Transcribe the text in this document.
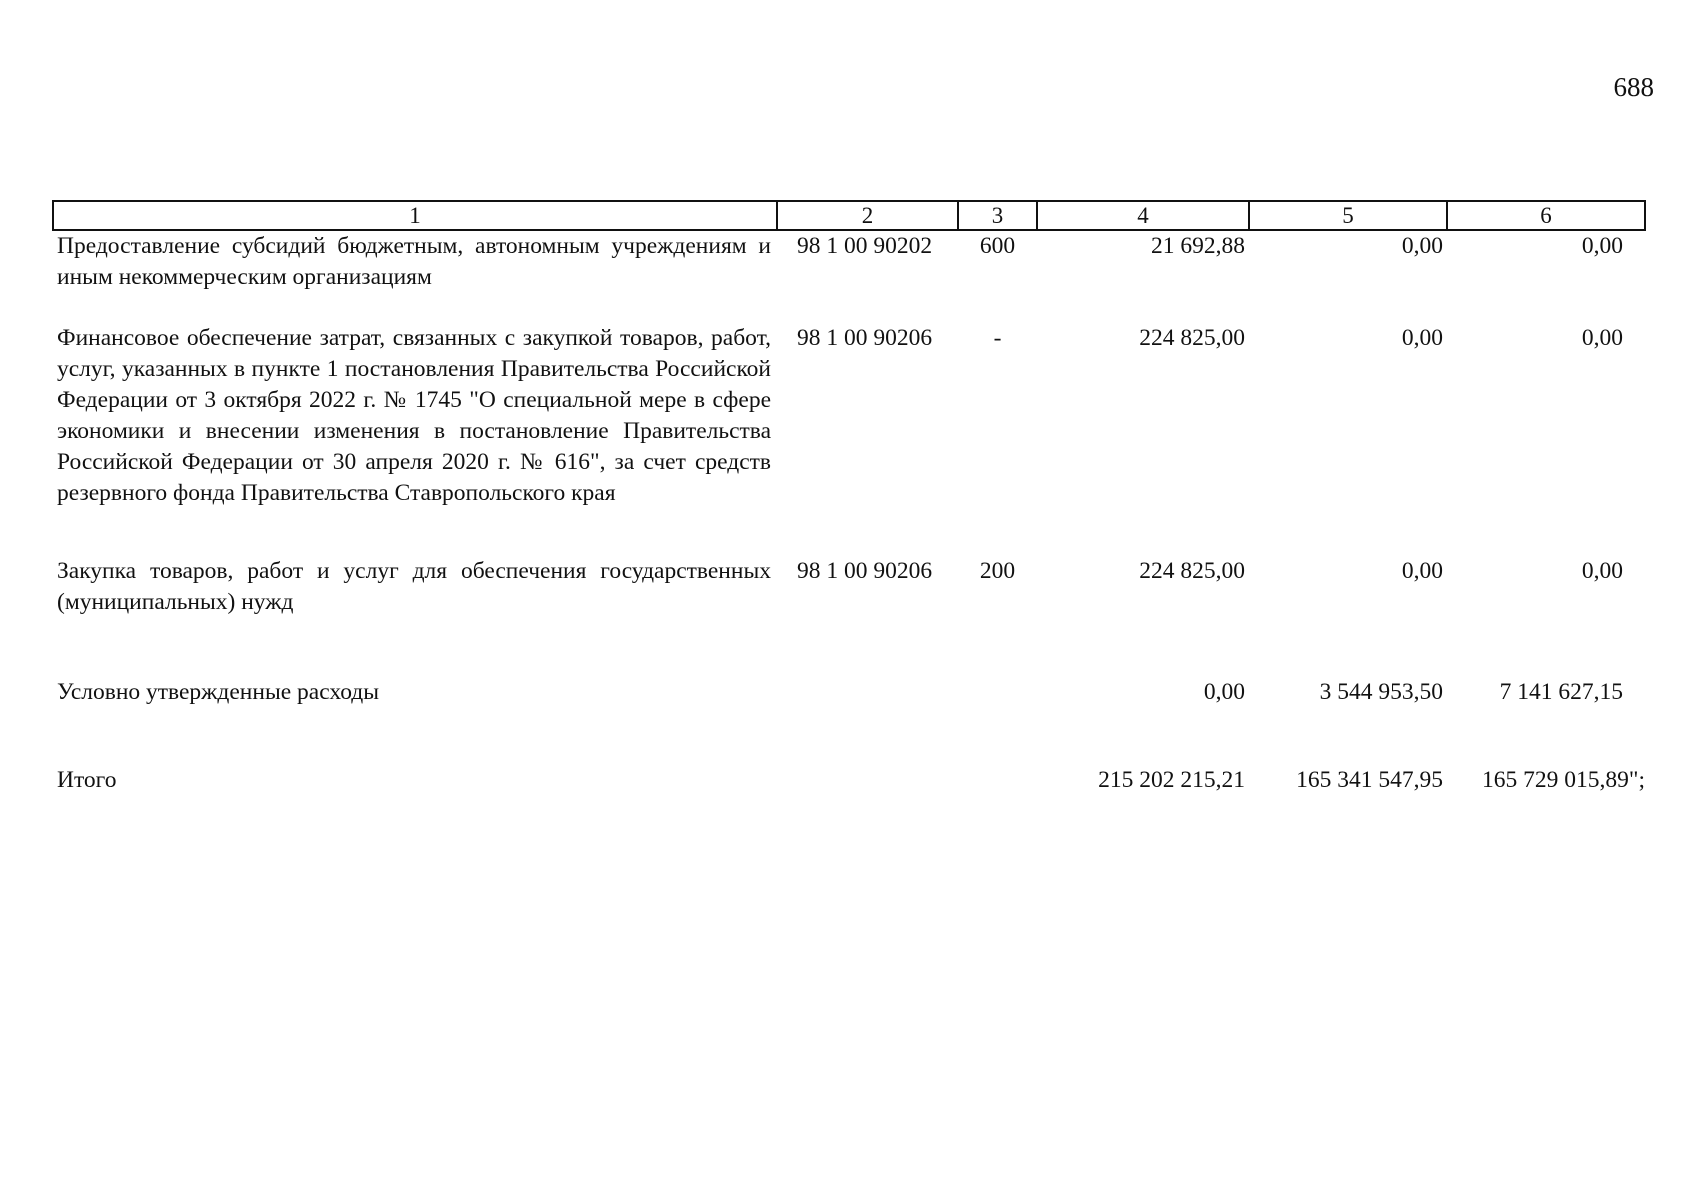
688
1	2	3	4	5	6
Предоставление субсидий бюджетным, автономным учреждениям и иным некоммерческим организациям	98 1 00 90202	600	21 692,88	0,00	0,00
Финансовое обеспечение затрат, связанных с закупкой товаров, работ, услуг, указанных в пункте 1 постановления Правительства Российской Федерации от 3 октября 2022 г. № 1745 "О специальной мере в сфере экономики и внесении изменения в постановление Правительства Российской Федерации от 30 апреля 2020 г. № 616", за счет средств резервного фонда Правительства Ставропольского края	98 1 00 90206	-	224 825,00	0,00	0,00
Закупка товаров, работ и услуг для обеспечения государственных (муниципальных) нужд	98 1 00 90206	200	224 825,00	0,00	0,00
Условно утвержденные расходы			0,00	3 544 953,50	7 141 627,15
Итого			215 202 215,21	165 341 547,95	165 729 015,89";
